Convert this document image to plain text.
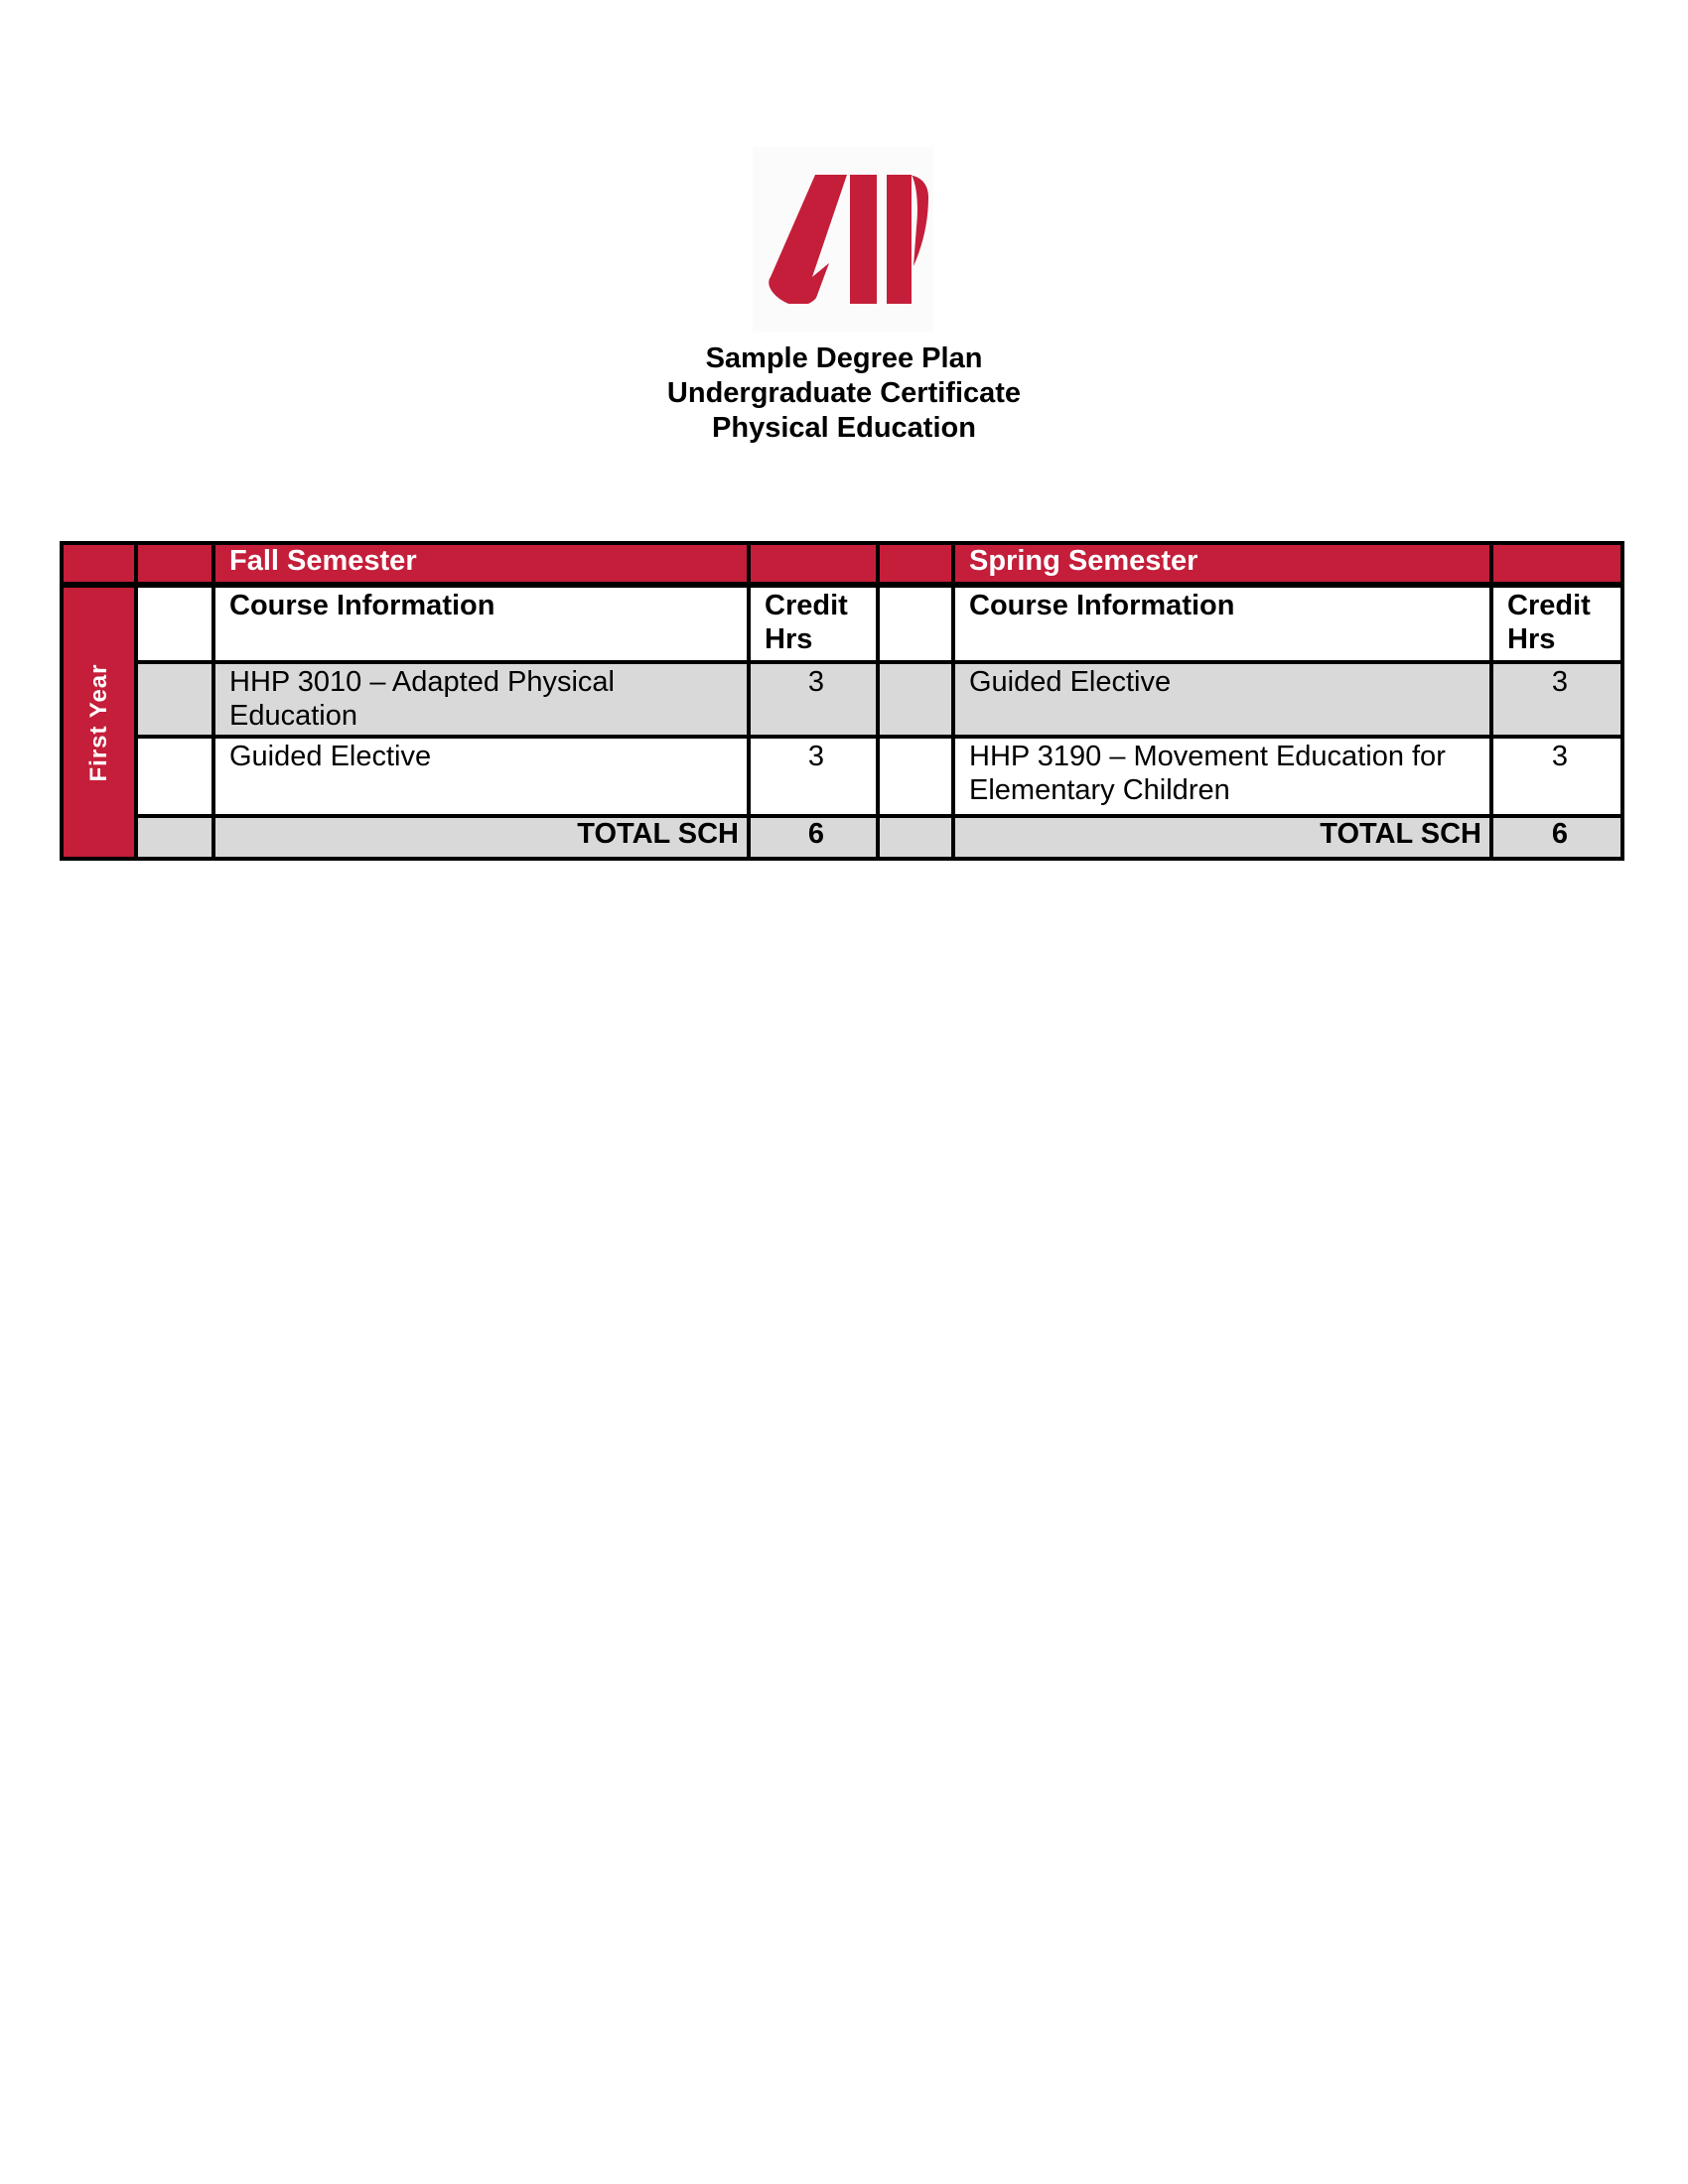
Sample Degree Plan
Undergraduate Certificate
Physical Education
		Fall Semester			Spring Semester	

First Year		Course Information	Credit Hrs		Course Information	Credit Hrs
		HHP 3010 – Adapted Physical Education	3		Guided Elective	3
		Guided Elective	3		HHP 3190 – Movement Education for Elementary Children	3
		TOTAL SCH	6		TOTAL SCH	6
